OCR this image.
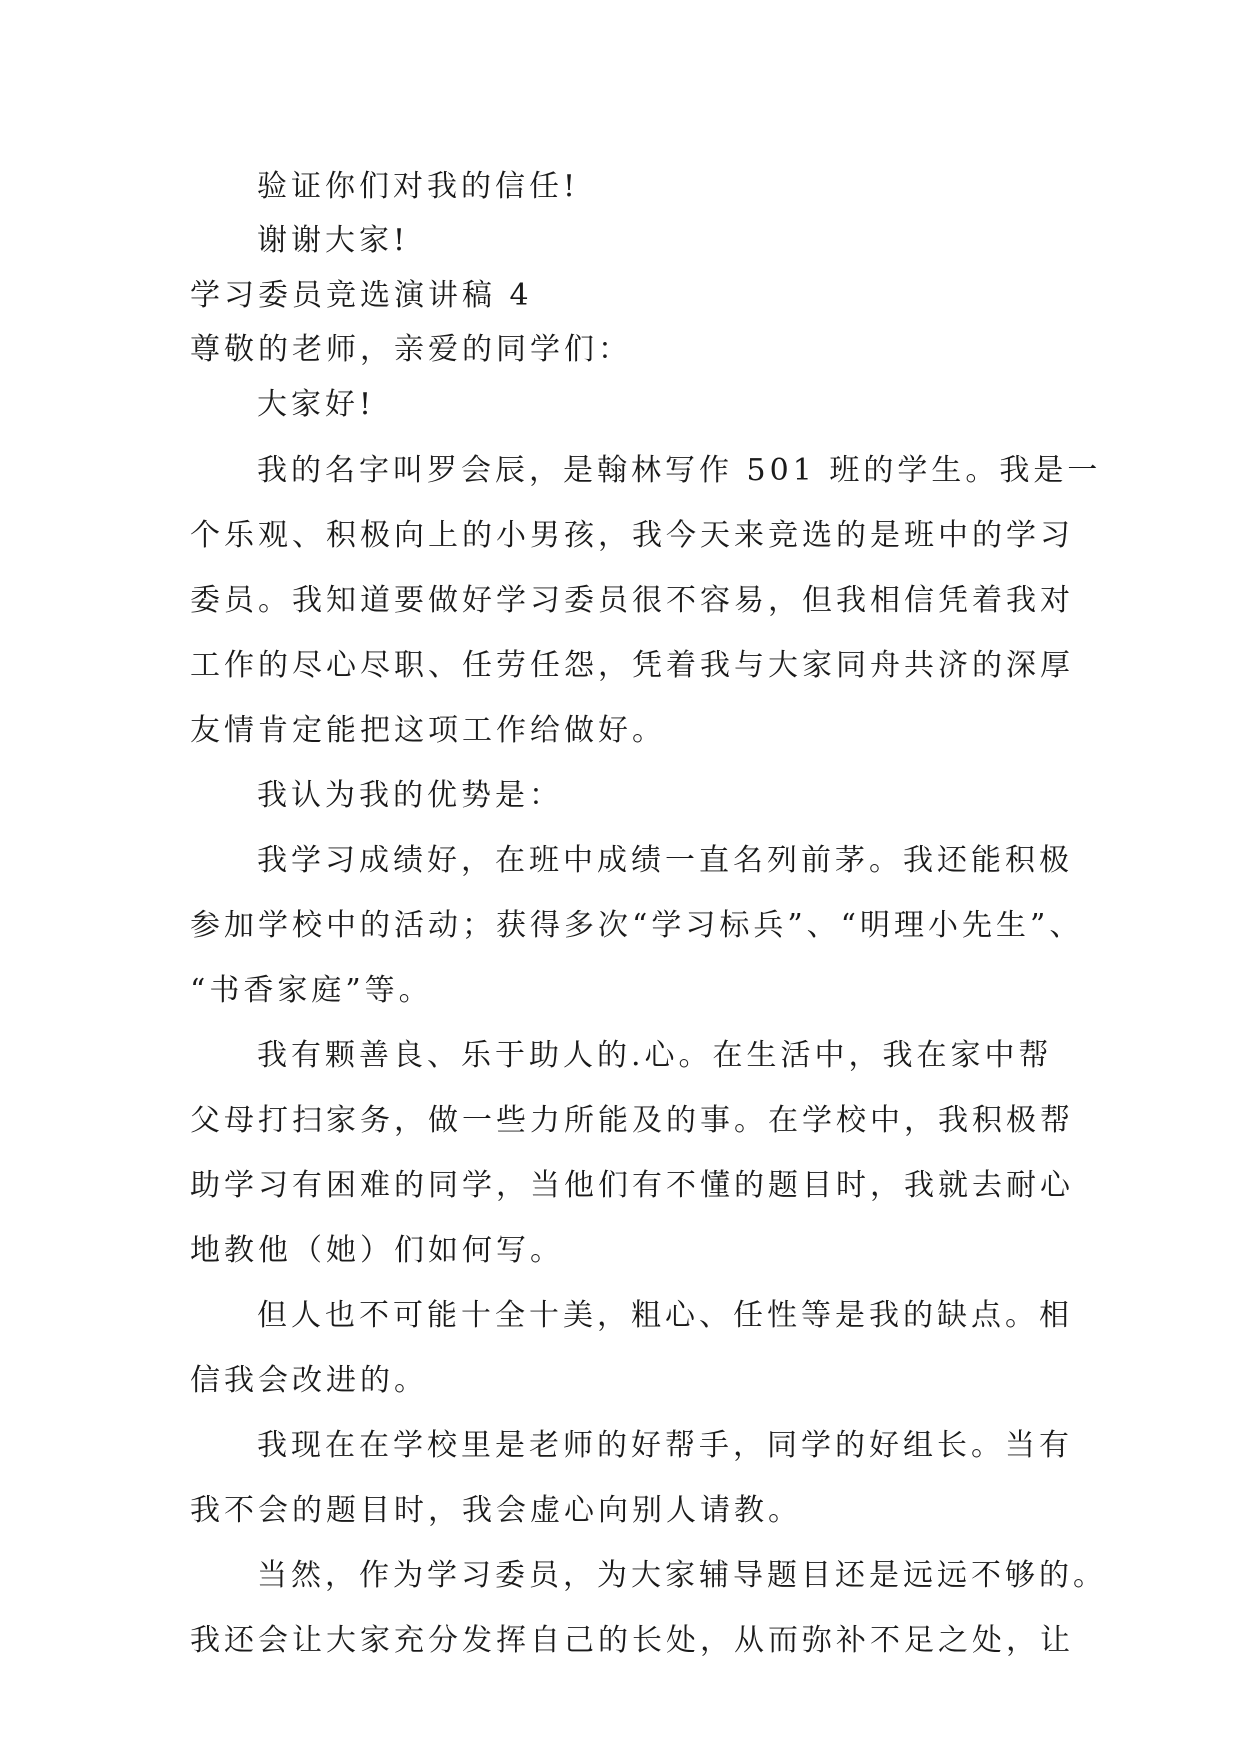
验证你们对我的信任!
谢谢大家!
学习委员竞选演讲稿 4
尊敬的老师，亲爱的同学们：
大家好!
我的名字叫罗会辰，是翰林写作 501 班的学生。我是一
个乐观、积极向上的小男孩，我今天来竞选的是班中的学习
委员。我知道要做好学习委员很不容易，但我相信凭着我对
工作的尽心尽职、任劳任怨，凭着我与大家同舟共济的深厚
友情肯定能把这项工作给做好。
我认为我的优势是：
我学习成绩好，在班中成绩一直名列前茅。我还能积极
参加学校中的活动；获得多次“学习标兵”、“明理小先生”、
“书香家庭”等。
我有颗善良、乐于助人的.心。在生活中，我在家中帮
父母打扫家务，做一些力所能及的事。在学校中，我积极帮
助学习有困难的同学，当他们有不懂的题目时，我就去耐心
地教他（她）们如何写。
但人也不可能十全十美，粗心、任性等是我的缺点。相
信我会改进的。
我现在在学校里是老师的好帮手，同学的好组长。当有
我不会的题目时，我会虚心向别人请教。
当然，作为学习委员，为大家辅导题目还是远远不够的。
我还会让大家充分发挥自己的长处，从而弥补不足之处，让
